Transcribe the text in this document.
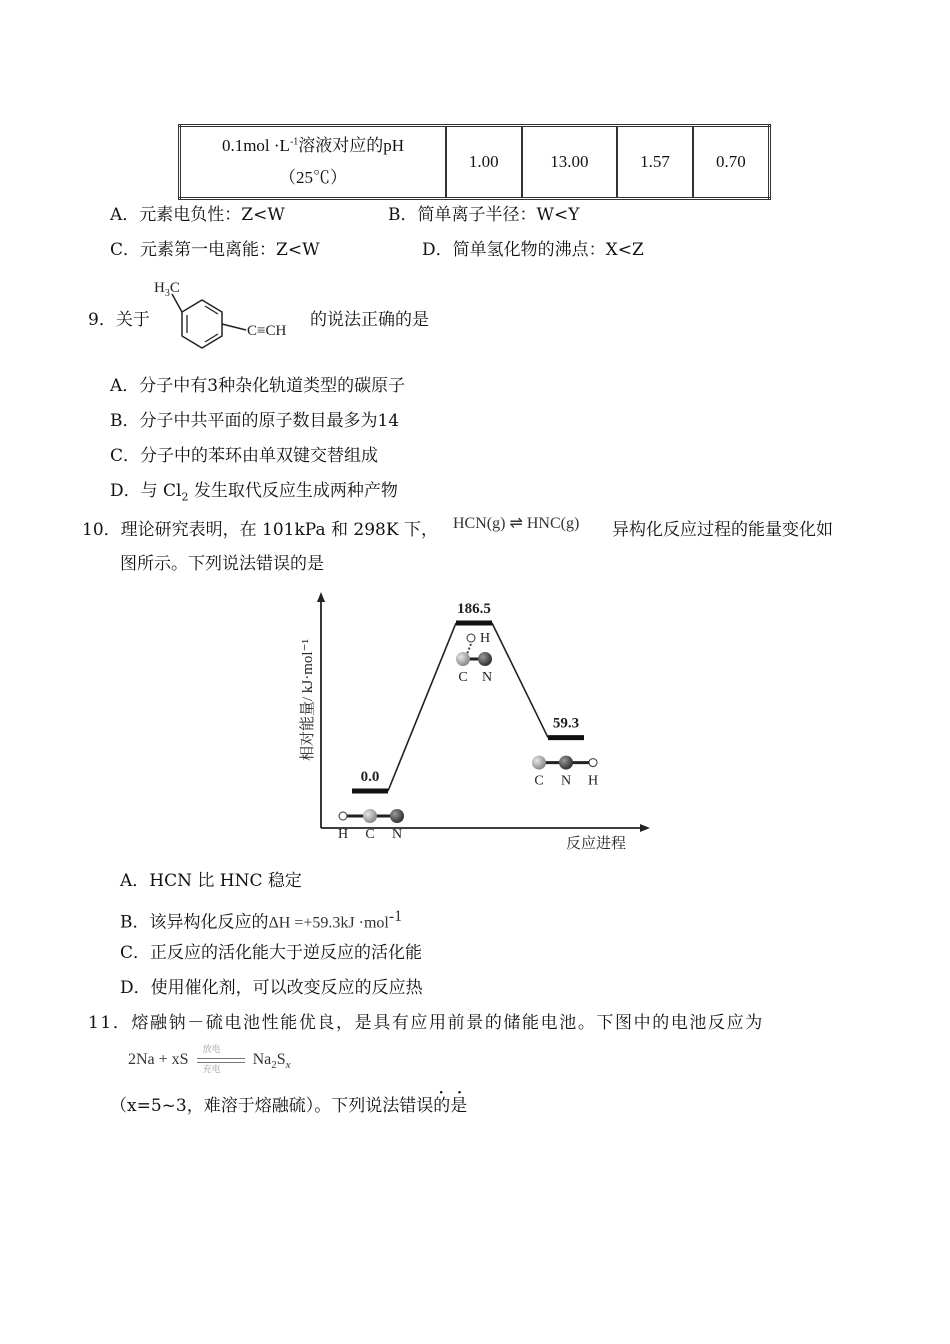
$0.1mol \cdot L^{-1}$溶液对应的pH
（25℃）	1.00	13.00	1.57	0.70
A．元素电负性：Z<W	B．简单离子半径：W<Y
C．元素第一电离能：Z<W	D．简单氢化物的沸点：X<Z
9．关于
$H_3C$
C≡CH
的说法正确的是
A．分子中有3种杂化轨道类型的碳原子
B．分子中共平面的原子数目最多为14
C．分子中的苯环由单双键交替组成
D．与 $Cl_2$ 发生取代反应生成两种产物
10．理论研究表明，在 101kPa 和 298K 下， HCN(g) ⇌ HNC(g) 异构化反应过程的能量变化如
图所示。下列说法错误的是
相对能量/ kJ·mol⁻¹
反应进程
0.0
H C N
186.5
H
C N
59.3
C N H
A．HCN 比 HNC 稳定
B．该异构化反应的ΔH =+59.3kJ ·mol-1
C．正反应的活化能大于逆反应的活化能
D．使用催化剂，可以改变反应的反应热
11．熔融钠－硫电池性能优良，是具有应用前景的储能电池。下图中的电池反应为
2Na + xS
放电
充电
$Na_2S_x$
··
（x=5~3，难溶于熔融硫）。下列说法错误的是
